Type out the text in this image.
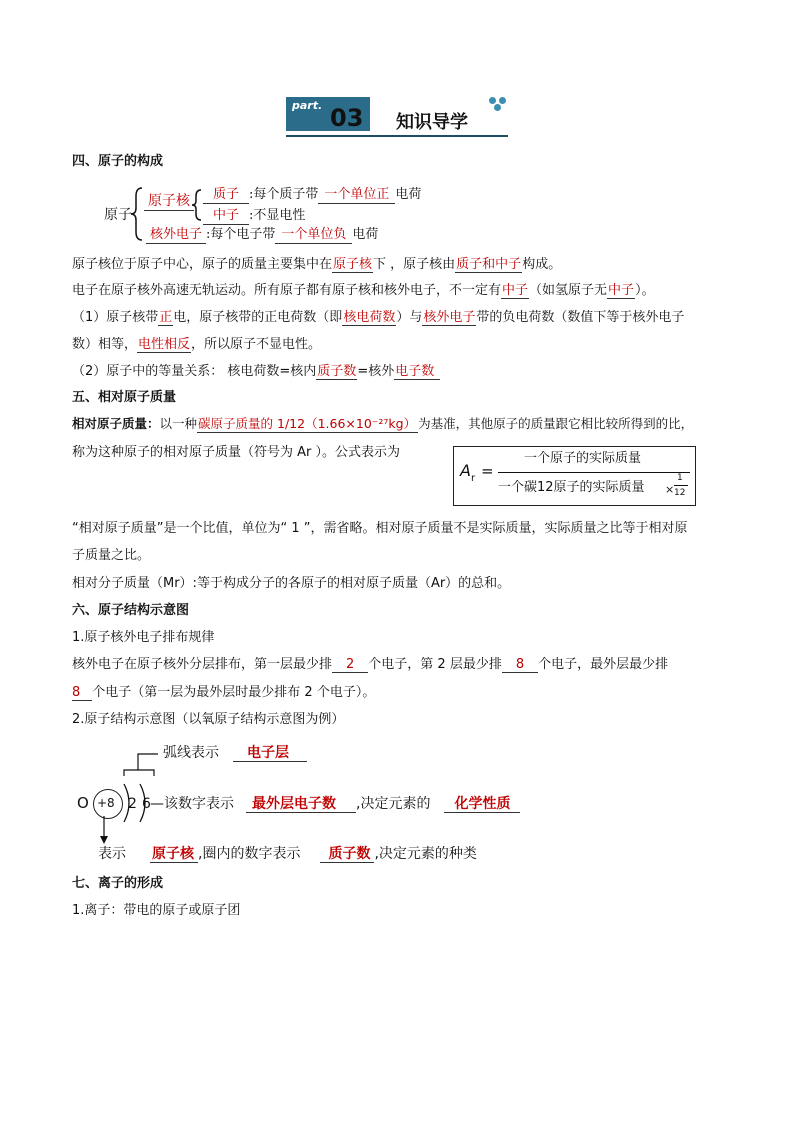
part. 03 知识导学
四、原子的构成
原子
原子核	质子 :每个质子带 一个单位正 电荷
中子 :不显电性
核外电子 :每个电子带 一个单位负 电荷
原子核位于原子中心，原子的质量主要集中在原子核下 ，原子核由质子和中子构成。
电子在原子核外高速无轨运动。所有原子都有原子核和核外电子，不一定有中子（如氢原子无中子）。
（1）原子核带正电，原子核带的正电荷数（即核电荷数）与核外电子带的负电荷数（数值下等于核外电子
数）相等，电性相反，所以原子不显电性。
（2）原子中的等量关系： 核电荷数=核内质子数=核外电子数
五、相对原子质量
相对原子质量：以一种碳原子质量的 1/12（1.66×10⁻²⁷kg） 为基准，其他原子的质量跟它相比较所得到的比，
称为这种原子的相对原子质量（符号为 Ar ）。公式表示为
$A_r$ =
一个原子的实际质量
一个碳12原子的实际质量 ×
1
12
“相对原子质量”是一个比值，单位为“ 1 ”，需省略。相对原子质量不是实际质量，实际质量之比等于相对原
子质量之比。
相对分子质量（Mr）:等于构成分子的各原子的相对原子质量（Ar）的总和。
六、原子结构示意图
1.原子核外电子排布规律
核外电子在原子核外分层排布，第一层最少排 2 个电子，第 2 层最少排 8 个电子，最外层最少排
8 个电子（第一层为最外层时最少排布 2 个电子）。
2.原子结构示意图（以氧原子结构示意图为例）
O +8 2 6
弧线表示 电子层
—该数字表示 最外层电子数 ,决定元素的 化学性质
表示 原子核 ,圈内的数字表示 质子数 ,决定元素的种类
七、离子的形成
1.离子：带电的原子或原子团
